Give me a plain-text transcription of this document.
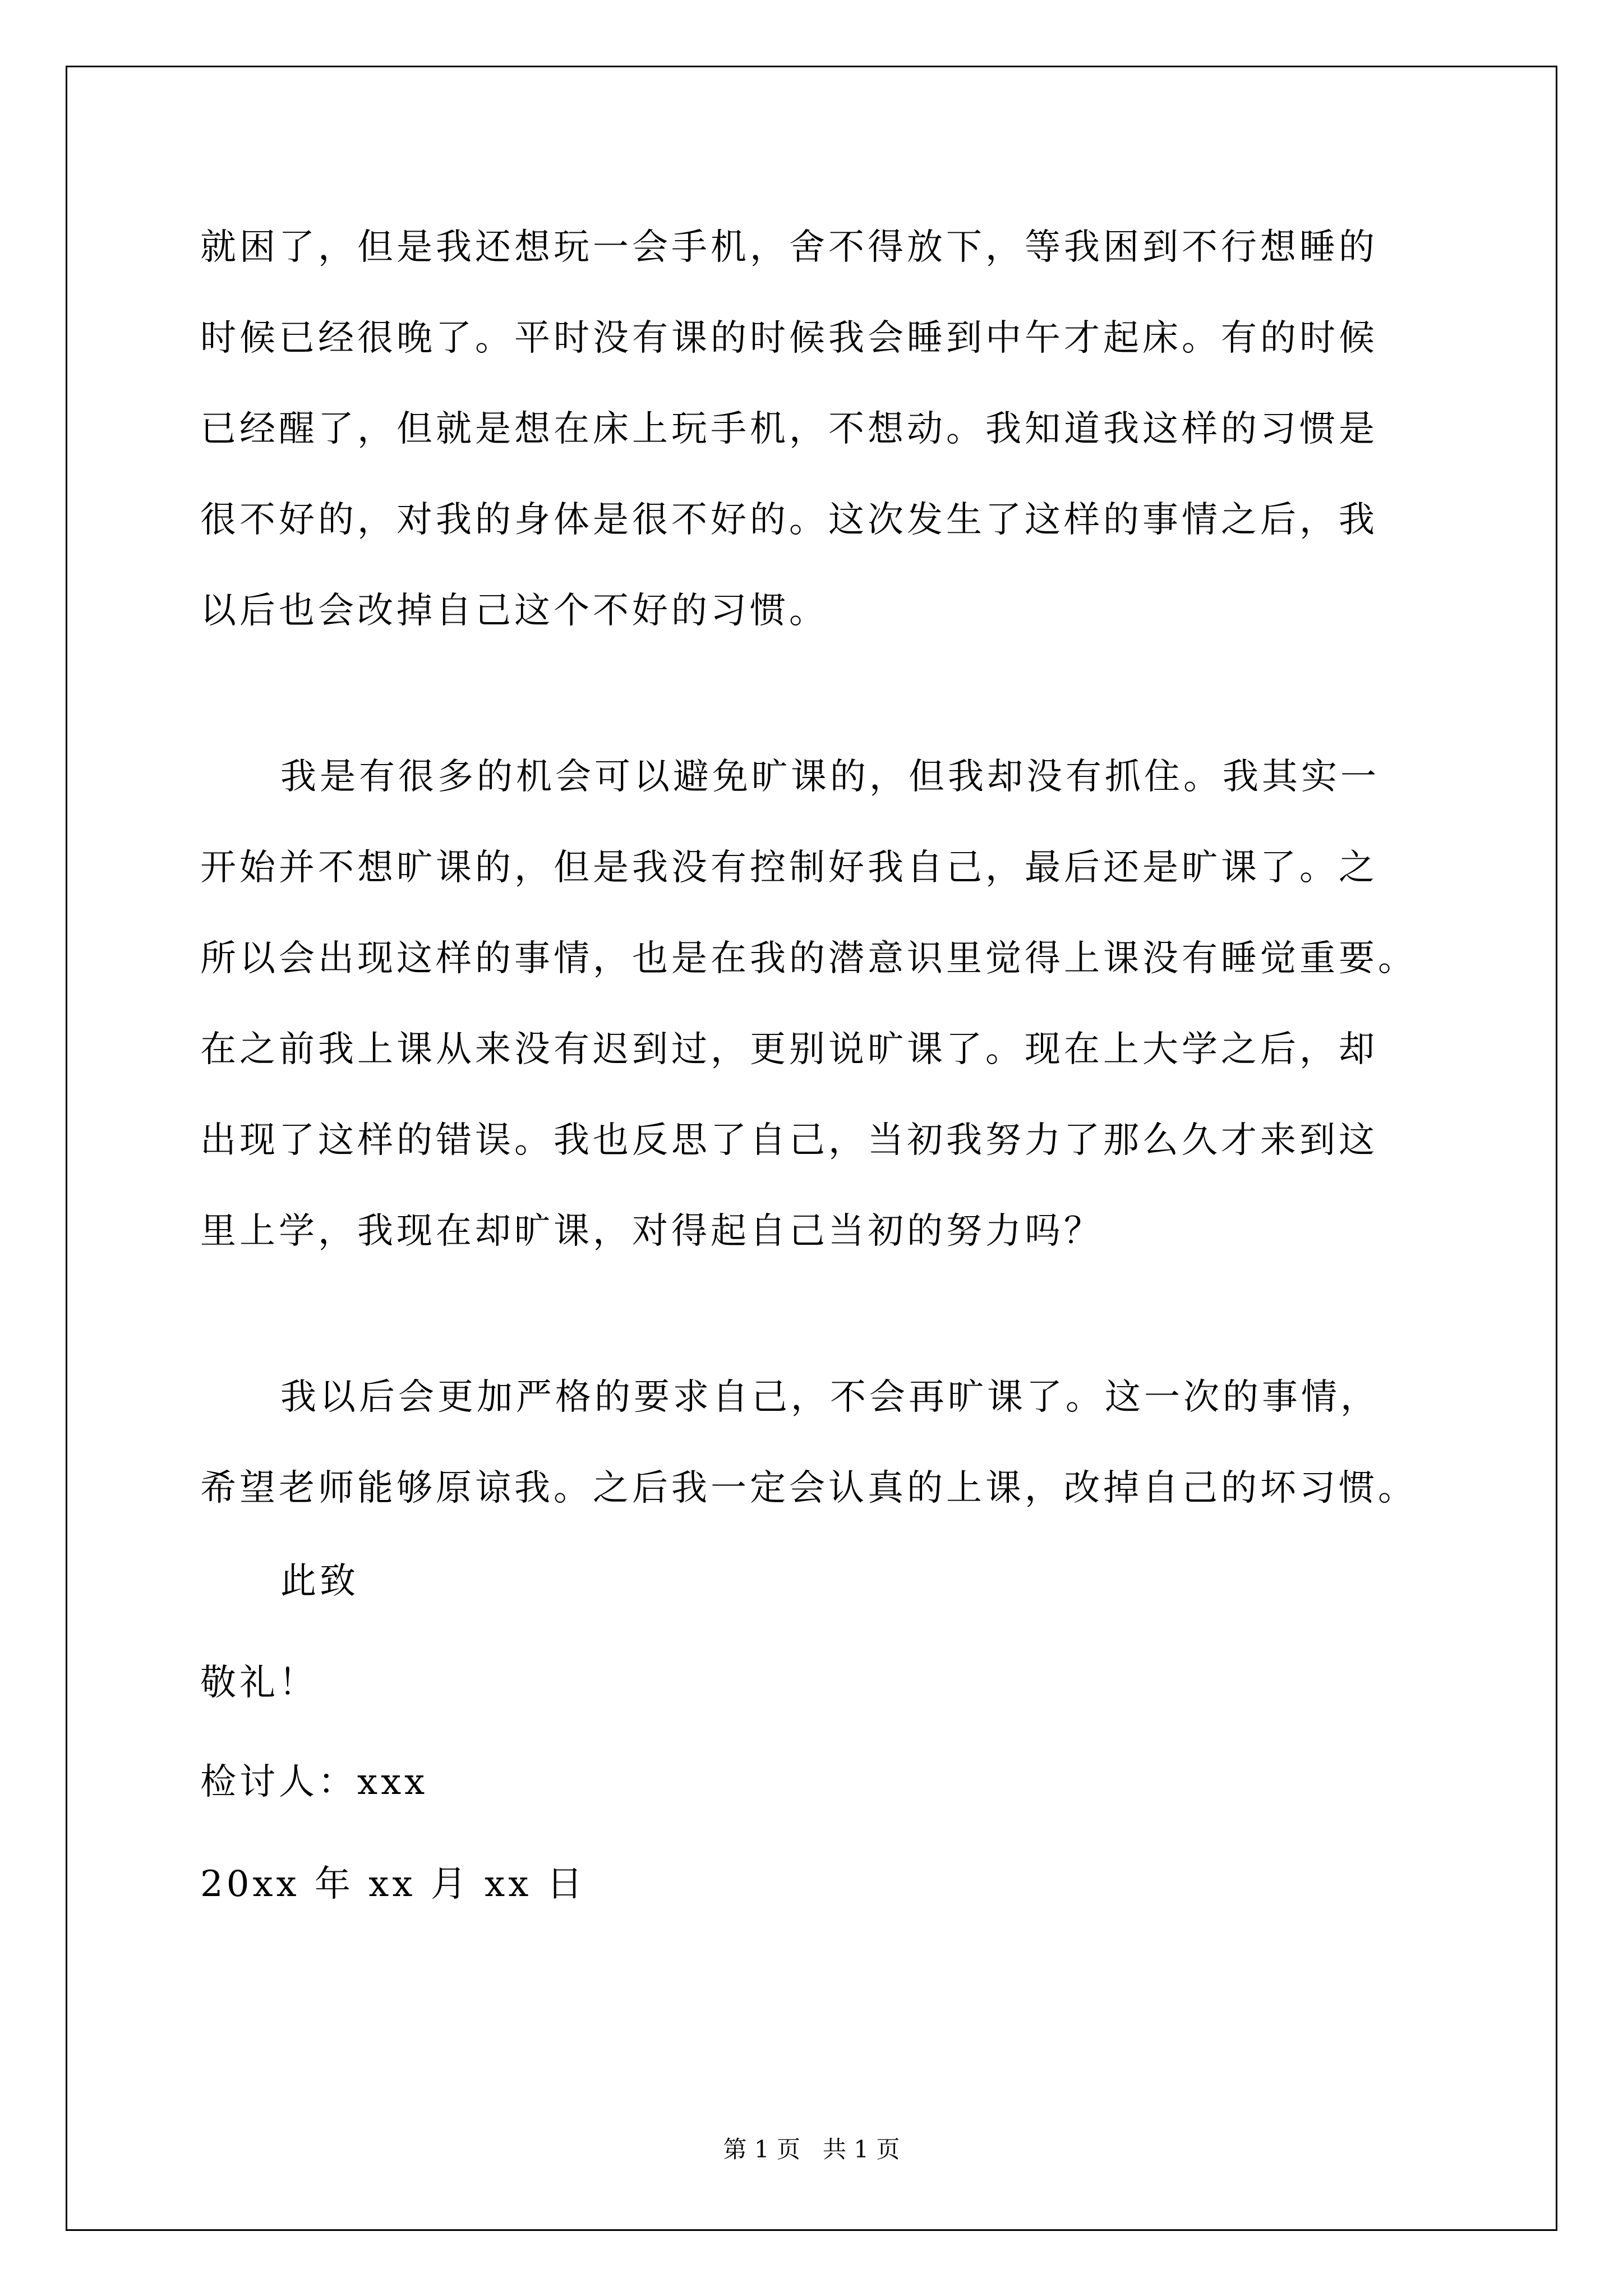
就困了，但是我还想玩一会手机，舍不得放下，等我困到不行想睡的
时候已经很晚了。平时没有课的时候我会睡到中午才起床。有的时候
已经醒了，但就是想在床上玩手机，不想动。我知道我这样的习惯是
很不好的，对我的身体是很不好的。这次发生了这样的事情之后，我
以后也会改掉自己这个不好的习惯。
我是有很多的机会可以避免旷课的，但我却没有抓住。我其实一
开始并不想旷课的，但是我没有控制好我自己，最后还是旷课了。之
所以会出现这样的事情，也是在我的潜意识里觉得上课没有睡觉重要。
在之前我上课从来没有迟到过，更别说旷课了。现在上大学之后，却
出现了这样的错误。我也反思了自己，当初我努力了那么久才来到这
里上学，我现在却旷课，对得起自己当初的努力吗？
我以后会更加严格的要求自己，不会再旷课了。这一次的事情，
希望老师能够原谅我。之后我一定会认真的上课，改掉自己的坏习惯。
此致
敬礼！
检讨人：xxx
20xx 年 xx 月 xx 日
第 1 页   共 1 页
